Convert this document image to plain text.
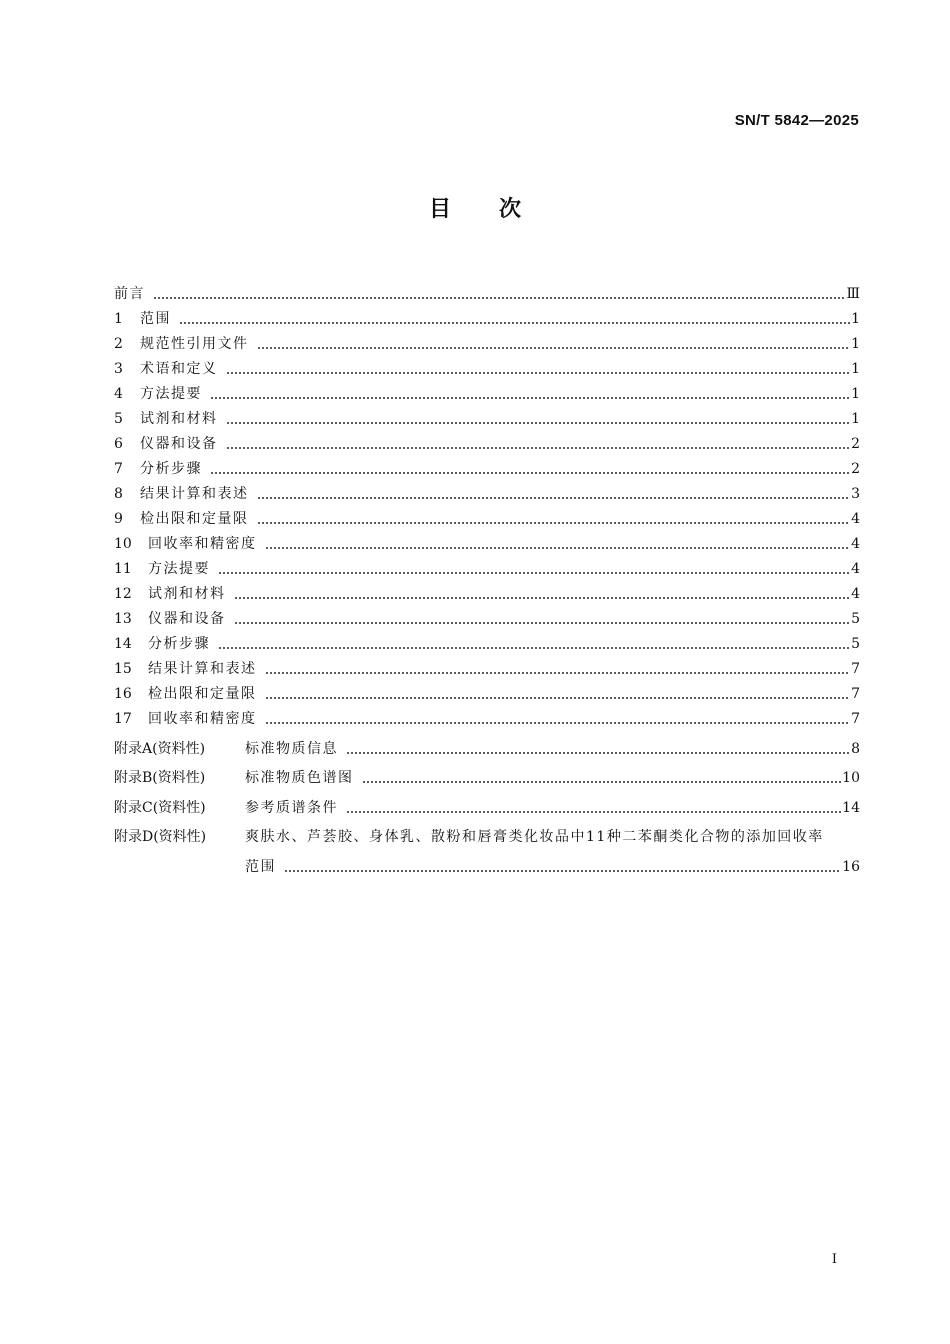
SN/T 5842—2025
目次
前言	Ⅲ
1	范围	1
2	规范性引用文件	1
3	术语和定义	1
4	方法提要	1
5	试剂和材料	1
6	仪器和设备	2
7	分析步骤	2
8	结果计算和表述	3
9	检出限和定量限	4
10	回收率和精密度	4
11	方法提要	4
12	试剂和材料	4
13	仪器和设备	5
14	分析步骤	5
15	结果计算和表述	7
16	检出限和定量限	7
17	回收率和精密度	7
附录A(资料性)	标准物质信息	8
附录B(资料性)	标准物质色谱图	10
附录C(资料性)	参考质谱条件	14
附录D(资料性)	爽肤水、芦荟胶、身体乳、散粉和唇膏类化妆品中11种二苯酮类化合物的添加回收率
范围	16
I
